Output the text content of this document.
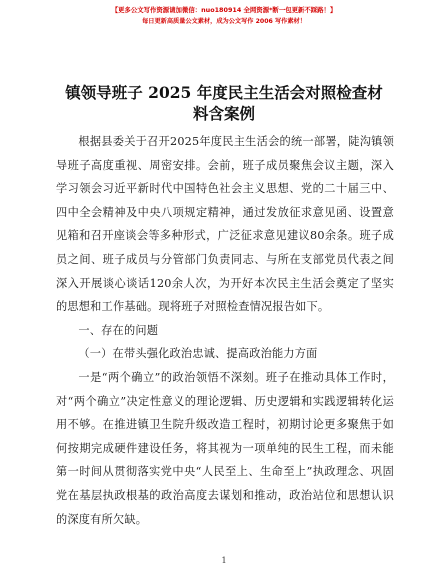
【更多公文写作资源请加微信：nuo180914 全网资源*断一包更新不踩路！】
每日更新高质量公文素材，成为公文写作 2006 写作素材！
镇领导班子 2025 年度民主生活会对照检查材料含案例

根据县委关于召开2025年度民主生活会的统一部署，陡沟镇领导班子高度重视、周密安排。会前，班子成员聚焦会议主题，深入学习领会习近平新时代中国特色社会主义思想、党的二十届三中、四中全会精神及中央八项规定精神，通过发放征求意见函、设置意见箱和召开座谈会等多种形式，广泛征求意见建议80余条。班子成员之间、班子成员与分管部门负责同志、与所在支部党员代表之间深入开展谈心谈话120余人次，为开好本次民主生活会奠定了坚实的思想和工作基础。现将班子对照检查情况报告如下。

一、存在的问题

（一）在带头强化政治忠诚、提高政治能力方面

一是“两个确立”的政治领悟不深刻。班子在推动具体工作时，对“两个确立”决定性意义的理论逻辑、历史逻辑和实践逻辑转化运用不够。在推进镇卫生院升级改造工程时，初期讨论更多聚焦于如何按期完成硬件建设任务，将其视为一项单纯的民生工程，而未能第一时间从贯彻落实党中央“人民至上、生命至上”执政理念、巩固党在基层执政根基的政治高度去谋划和推动，政治站位和思想认识的深度有所欠缺。

1
